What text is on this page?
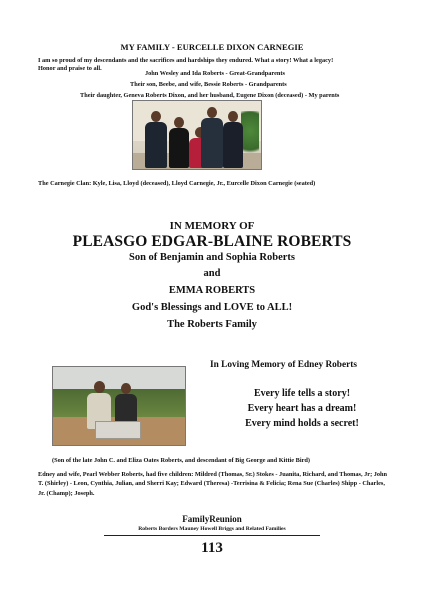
MY FAMILY - EURCELLE DIXON CARNEGIE
I am so proud of my descendants and the sacrifices and hardships they endured. What a story! What a legacy! Honor and praise to all.
John Wesley and Ida Roberts - Great-Grandparents
Their son, Beebe, and wife, Bessie Roberts - Grandparents
Their daughter, Geneva Roberts Dixon, and her husband, Eugene Dixon (deceased) - My parents
The Carnegie Clan: Kyle, Lisa, Lloyd (deceased), Lloyd Carnegie, Jr., Eurcelle Dixon Carnegie (seated)
IN MEMORY OF
PLEASGO EDGAR-BLAINE ROBERTS
Son of Benjamin and Sophia Roberts
and
EMMA ROBERTS
God's Blessings and LOVE to ALL!
The Roberts Family
In Loving Memory of Edney Roberts
Every life tells a story!
Every heart has a dream!
Every mind holds a secret!
(Son of the late John C. and Eliza Oates Roberts, and descendant of Big George and Kittie Bird)
Edney and wife, Pearl Webber Roberts, had five children: Mildred (Thomas, Sr.) Stokes - Juanita, Richard, and Thomas, Jr; John T. (Shirley) - Leon, Cynthia, Julian, and Sherri Kay; Edward (Theresa) -Terrisina & Felicia; Rena Sue (Charles) Shipp - Charles, Jr. (Champ); Joseph.
FamilyReunion
Roberts Borders Mauney Howell Briggs and Related Families
113
